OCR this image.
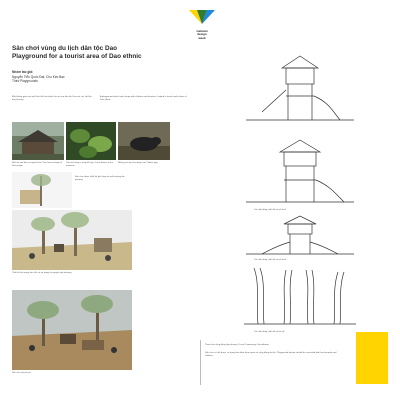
vietnam
design
week
Sân chơi vùng du lịch dân tộc Dao
Playground for a tourist area of Dao ethnic
Nhóm tác giả:
Nguyễn Tiểu Quốc Đạt, Chu Kim Bạc
Third Playgrounds
Một không gian mới mô hình đồ chơi dành cho trẻ em dân tộc Dao với các vật liệu địa phương.
A playground which took shape with children and travelers, helped in locals and culture of Dao ethnic.
Nhà với mái đất của người Dao / Dao house design of Dao people
Cây hoa trồng ở vùng đất này / Local flowers in the mountain
Những con lợn nhỏ đang chơi / Native pigs
Sân chơi được thiết kế phù hợp với môi trường địa phương
Thiết kế tôn trọng bản sắc và sử dụng tài nguyên địa phương
Sân chơi cho trẻ em
Các mặt đứng, mặt cắt và mô hình
Các mặt đứng, mặt cắt và mô hình
Các mặt đứng, mặt cắt và chi tiết
Tham vấn cộng đồng địa phương / Local Community Consultation
Sân chơi có thể được sử dụng làm điểm tham quan và cộng đồng du lịch. Playground design should be consulted with local people and children.
